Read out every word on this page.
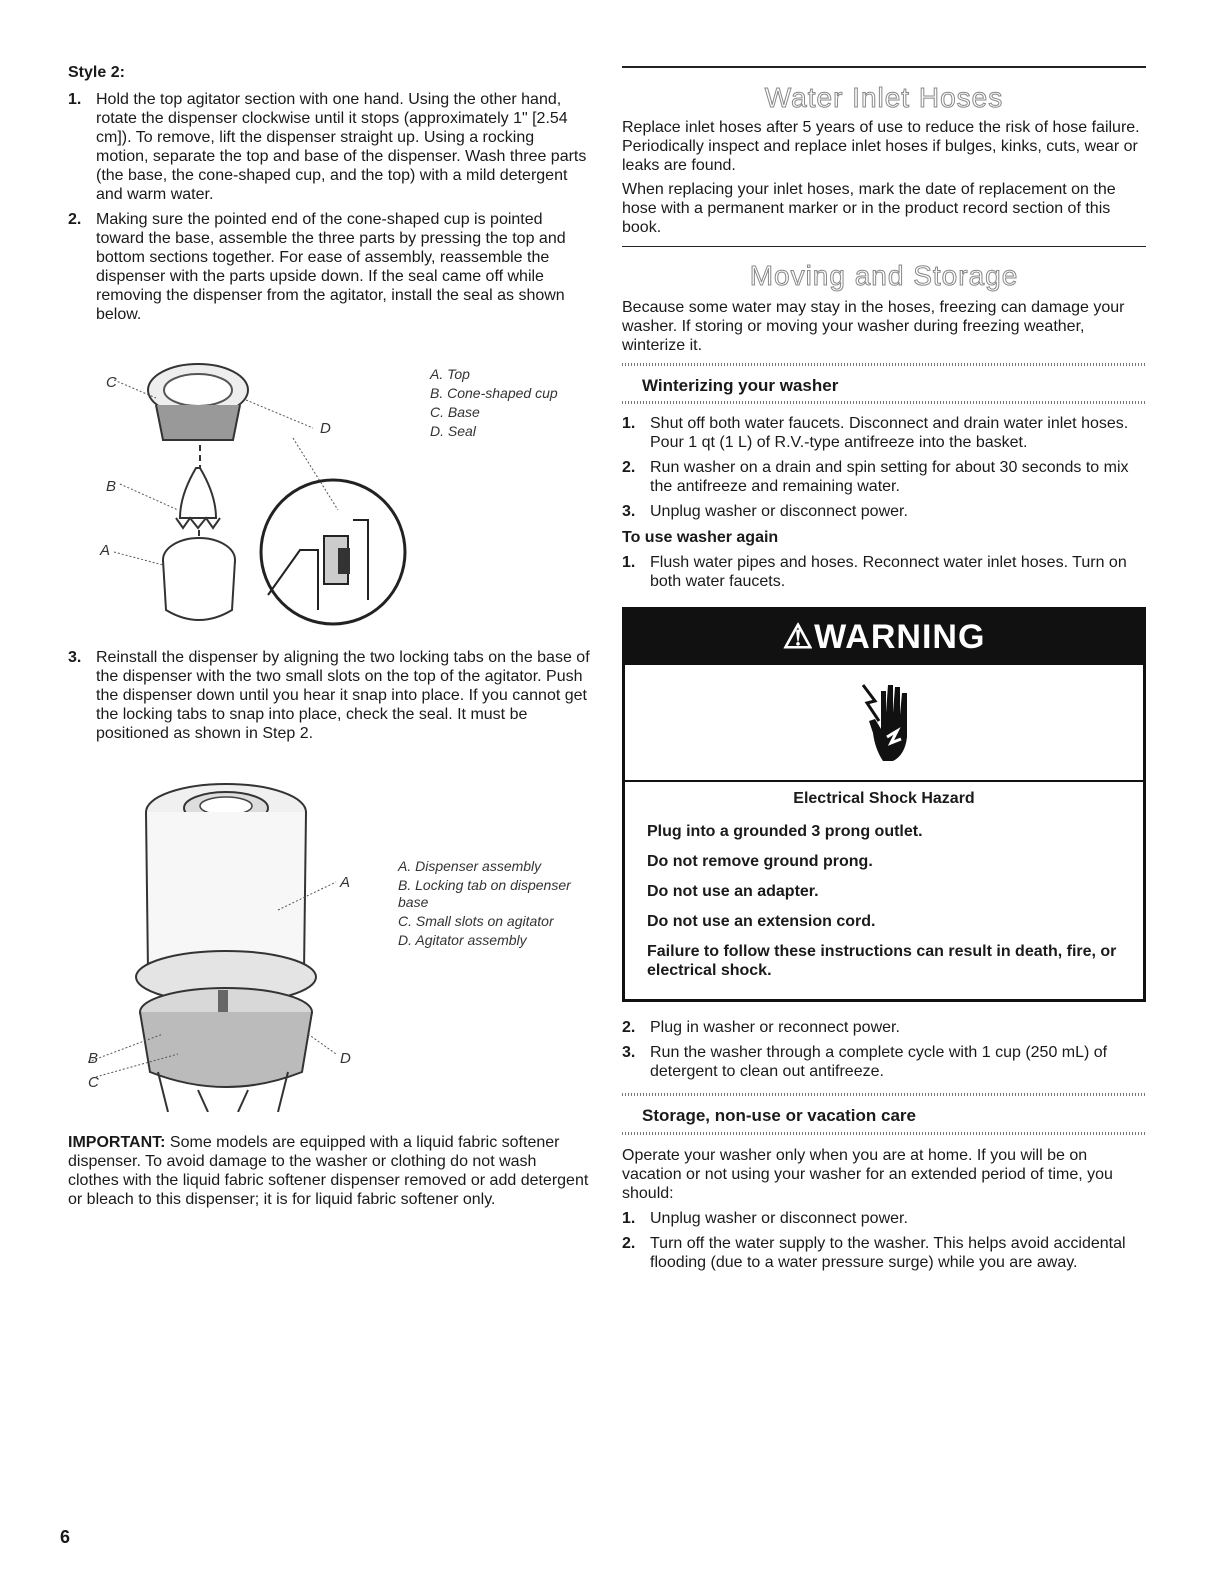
Style 2:
1. Hold the top agitator section with one hand. Using the other hand, rotate the dispenser clockwise until it stops (approximately 1" [2.54 cm]). To remove, lift the dispenser straight up. Using a rocking motion, separate the top and base of the dispenser. Wash three parts (the base, the cone-shaped cup, and the top) with a mild detergent and warm water.
2. Making sure the pointed end of the cone-shaped cup is pointed toward the base, assemble the three parts by pressing the top and bottom sections together. For ease of assembly, reassemble the dispenser with the parts upside down. If the seal came off while removing the dispenser from the agitator, install the seal as shown below.
C
B
A
D
A. Top
B. Cone-shaped cup
C. Base
D. Seal
3. Reinstall the dispenser by aligning the two locking tabs on the base of the dispenser with the two small slots on the top of the agitator. Push the dispenser down until you hear it snap into place. If you cannot get the locking tabs to snap into place, check the seal. It must be positioned as shown in Step 2.
A
B
C
D
A. Dispenser assembly
B. Locking tab on dispenser base
C. Small slots on agitator
D. Agitator assembly
IMPORTANT: Some models are equipped with a liquid fabric softener dispenser. To avoid damage to the washer or clothing do not wash clothes with the liquid fabric softener dispenser removed or add detergent or bleach to this dispenser; it is for liquid fabric softener only.
Water Inlet Hoses
Replace inlet hoses after 5 years of use to reduce the risk of hose failure. Periodically inspect and replace inlet hoses if bulges, kinks, cuts, wear or leaks are found.
When replacing your inlet hoses, mark the date of replacement on the hose with a permanent marker or in the product record section of this book.
Moving and Storage
Because some water may stay in the hoses, freezing can damage your washer. If storing or moving your washer during freezing weather, winterize it.
Winterizing your washer
1. Shut off both water faucets. Disconnect and drain water inlet hoses. Pour 1 qt (1 L) of R.V.-type antifreeze into the basket.
2. Run washer on a drain and spin setting for about 30 seconds to mix the antifreeze and remaining water.
3. Unplug washer or disconnect power.
To use washer again
1. Flush water pipes and hoses. Reconnect water inlet hoses. Turn on both water faucets.
⚠WARNING
Electrical Shock Hazard
Plug into a grounded 3 prong outlet.
Do not remove ground prong.
Do not use an adapter.
Do not use an extension cord.
Failure to follow these instructions can result in death, fire, or electrical shock.
2. Plug in washer or reconnect power.
3. Run the washer through a complete cycle with 1 cup (250 mL) of detergent to clean out antifreeze.
Storage, non-use or vacation care
Operate your washer only when you are at home. If you will be on vacation or not using your washer for an extended period of time, you should:
1. Unplug washer or disconnect power.
2. Turn off the water supply to the washer. This helps avoid accidental flooding (due to a water pressure surge) while you are away.
6
